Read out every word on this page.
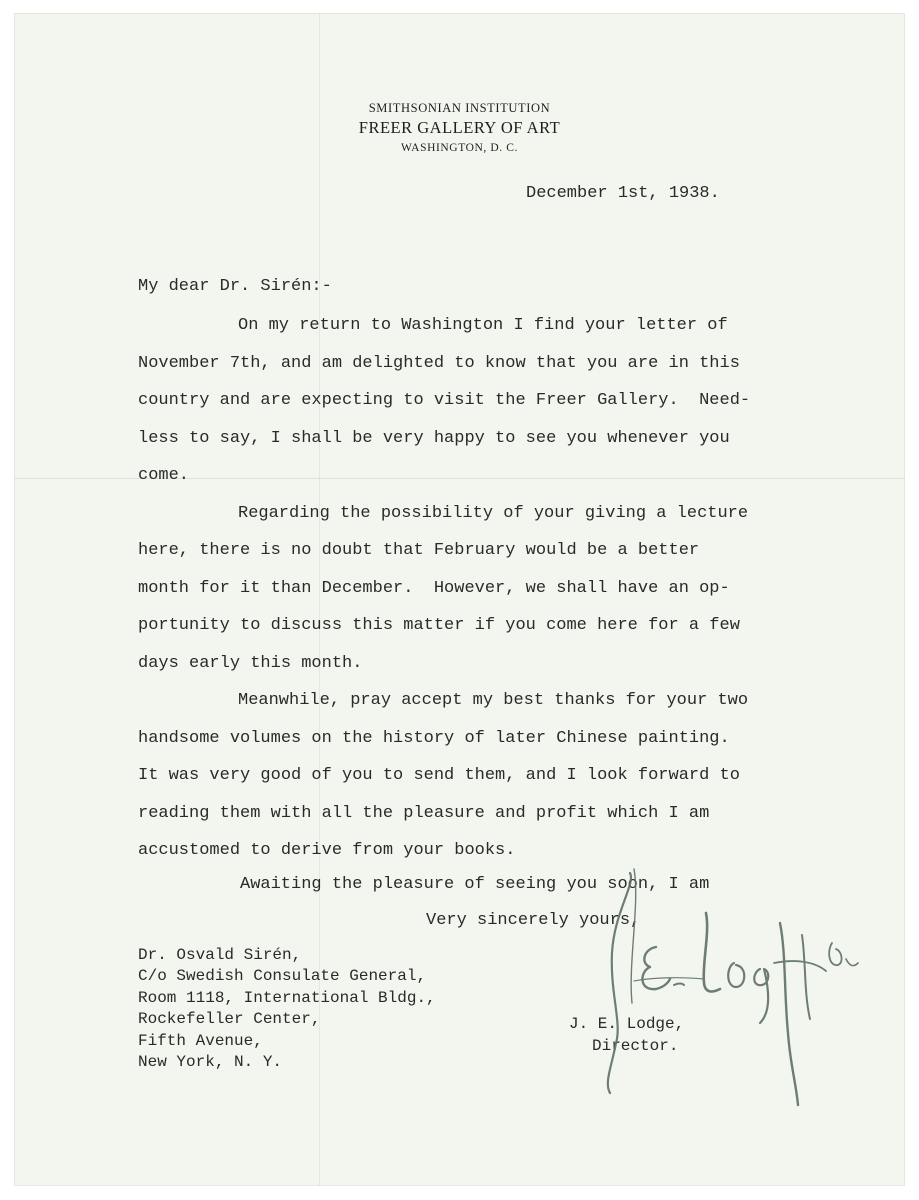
SMITHSONIAN INSTITUTION
FREER GALLERY OF ART
WASHINGTON, D. C.

December 1st, 1938.

My dear Dr. Sirén:-

On my return to Washington I find your letter of
November 7th, and am delighted to know that you are in this
country and are expecting to visit the Freer Gallery.  Need-
less to say, I shall be very happy to see you whenever you
come.
Regarding the possibility of your giving a lecture
here, there is no doubt that February would be a better
month for it than December.  However, we shall have an op-
portunity to discuss this matter if you come here for a few
days early this month.
Meanwhile, pray accept my best thanks for your two
handsome volumes on the history of later Chinese painting.
It was very good of you to send them, and I look forward to
reading them with all the pleasure and profit which I am
accustomed to derive from your books.

Awaiting the pleasure of seeing you soon, I am

Very sincerely yours,

Dr. Osvald Sirén,
C/o Swedish Consulate General,
Room 1118, International Bldg.,
Rockefeller Center,
Fifth Avenue,
New York, N. Y.

J. E. Lodge,

Director.
